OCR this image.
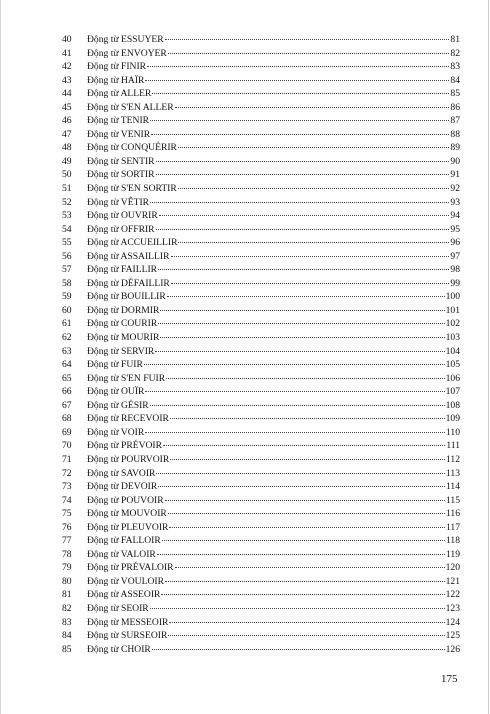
40	Động từ ESSUYER	81
41	Động từ ENVOYER	82
42	Động từ FINIR	83
43	Động từ HAÏR	84
44	Động từ ALLER	85
45	Động từ S'EN ALLER	86
46	Động từ TENIR	87
47	Động từ VENIR	88
48	Động từ CONQUÉRIR	89
49	Động từ SENTIR	90
50	Động từ SORTIR	91
51	Động từ S'EN SORTIR	92
52	Động từ VÊTIR	93
53	Động từ OUVRIR	94
54	Động từ OFFRIR	95
55	Động từ ACCUEILLIR	96
56	Động từ ASSAILLIR	97
57	Động từ FAILLIR	98
58	Động từ DÉFAILLIR	99
59	Động từ BOUILLIR	100
60	Động từ DORMIR	101
61	Động từ COURIR	102
62	Động từ MOURIR	103
63	Động từ SERVIR	104
64	Động từ FUIR	105
65	Động từ S'EN FUIR	106
66	Động từ OUÏR	107
67	Động từ GÉSIR	108
68	Động từ RECEVOIR	109
69	Động từ VOIR	110
70	Động từ PRÉVOIR	111
71	Động từ POURVOIR	112
72	Động từ SAVOIR	113
73	Động từ DEVOIR	114
74	Động từ POUVOIR	115
75	Động từ MOUVOIR	116
76	Động từ PLEUVOIR	117
77	Động từ FALLOIR	118
78	Động từ VALOIR	119
79	Động từ PRÉVALOIR	120
80	Động từ VOULOIR	121
81	Động từ ASSEOIR	122
82	Động từ SEOIR	123
83	Động từ MESSEOIR	124
84	Động từ SURSEOIR	125
85	Động từ CHOIR	126
175
